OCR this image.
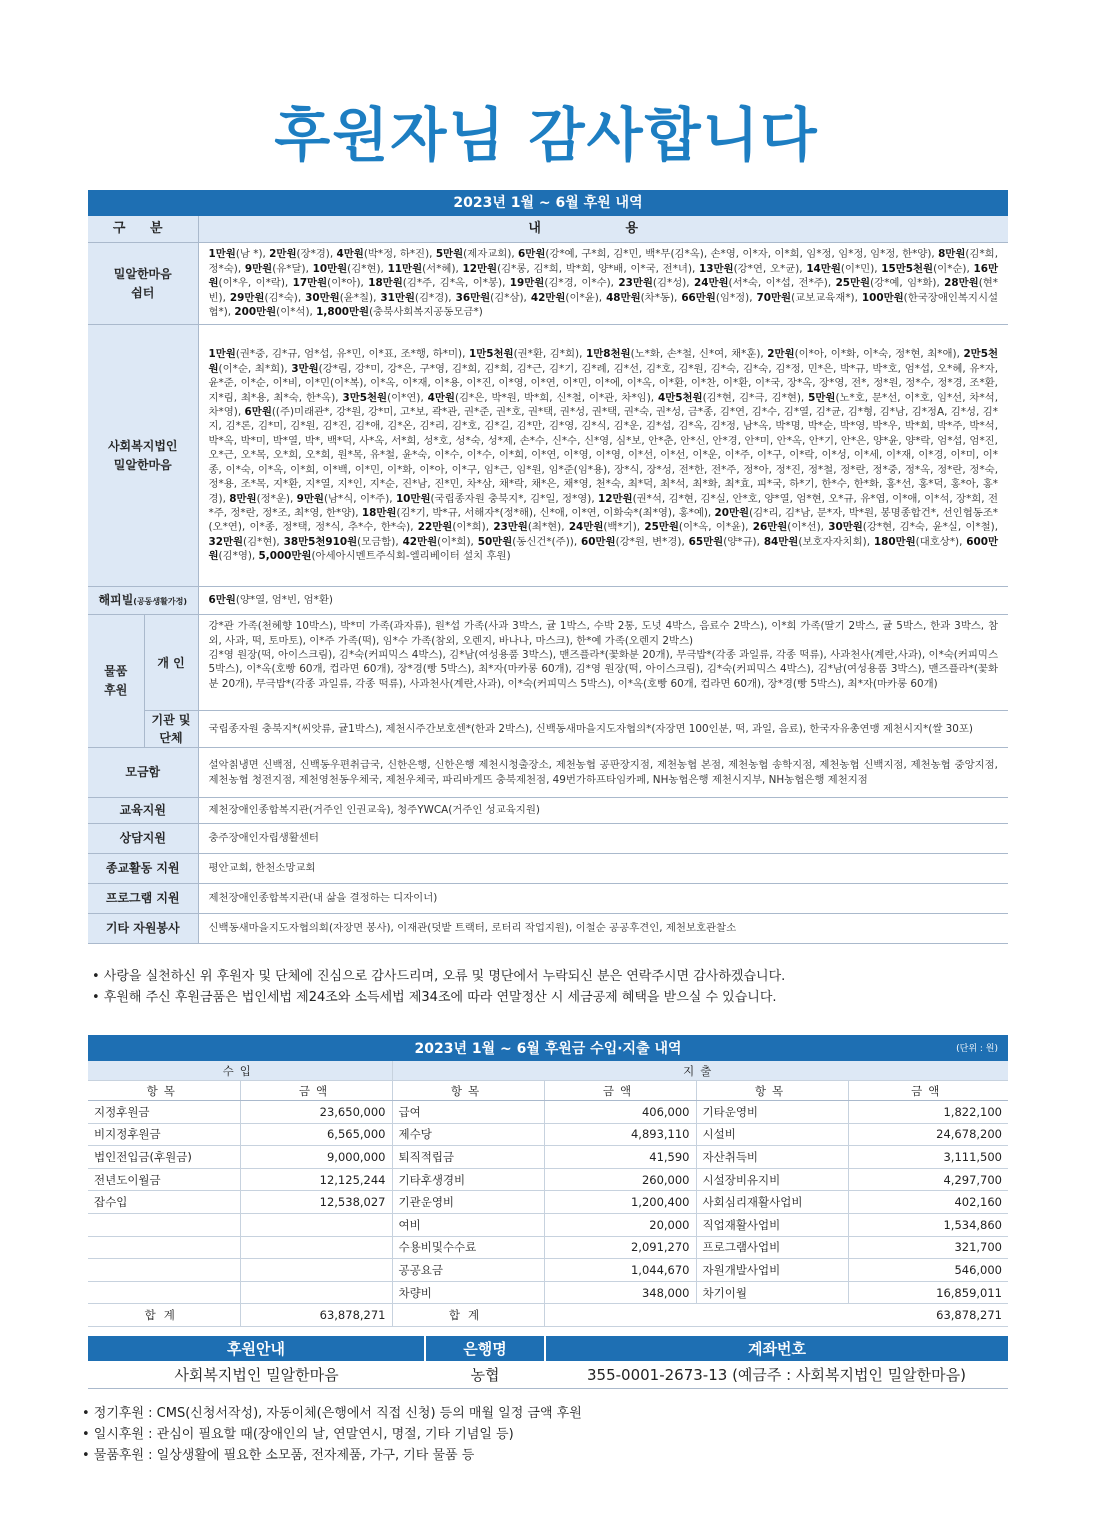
후원자님 감사합니다
2023년 1월 ~ 6월 후원 내역		
구 분		내 용
밀알한마음 쉼터		1만원(남 *), 2만원(장*경), 4만원(박*정, 하*진), 5만원(제자교회), 6만원(강*예, 구*희, 김*민, 백*무(김*옥), 손*영, 이*자, 이*희, 임*정, 임*정, 임*정, 한*양), 8만원(김*희, 정*숙), 9만원(유*달), 10만원(김*현), 11만원(서*혜), 12만원(김*롱, 김*희, 박*희, 양*배, 이*국, 전*녀), 13만원(강*연, 오*균), 14만원(이*민), 15만5천원(이*순), 16만원(이*우, 이*락), 17만원(이*아), 18만원(김*주, 김*옥, 이*봉), 19만원(김*경, 이*수), 23만원(김*성), 24만원(서*숙, 이*섭, 전*주), 25만원(강*예, 임*화), 28만원(현*빈), 29만원(김*숙), 30만원(윤*칠), 31만원(김*경), 36만원(김*삼), 42만원(이*윤), 48만원(차*동), 66만원(임*정), 70만원(교보교육재*), 100만원(한국장애인복지시설협*), 200만원(이*석), 1,800만원(충북사회복지공동모금*)
사회복지법인 밀알한마음		1만원(권*중, 김*규, 엄*섭, 유*민, 이*표, 조*행, 하*미), 1만5천원(권*환, 김*희), 1만8천원(노*화, 손*철, 신*여, 채*훈), 2만원(이*아, 이*화, 이*숙, 정*현, 최*애), 2만5천원(이*순, 최*희), 3만원(강*림, 강*미, 강*은, 구*영, 김*희, 김*희, 김*근, 김*기, 김*례, 김*선, 김*호, 김*원, 김*숙, 김*숙, 김*정, 민*은, 박*규, 박*호, 엄*섭, 오*혜, 유*자, 윤*준, 이*순, 이*비, 이*민(이*복), 이*옥, 이*재, 이*용, 이*진, 이*영, 이*연, 이*민, 이*에, 이*옥, 이*환, 이*찬, 이*환, 이*국, 장*옥, 장*영, 전*, 정*원, 정*수, 정*경, 조*환, 지*림, 최*용, 최*숙, 한*옥), 3만5천원(이*연), 4만원(김*은, 박*원, 박*희, 신*철, 이*관, 차*임), 4만5천원(김*현, 김*극, 김*현), 5만원(노*호, 문*선, 이*호, 임*선, 차*석, 차*영), 6만원((주)미래관*, 강*원, 강*미, 고*보, 곽*관, 권*준, 권*호, 권*택, 권*성, 권*택, 권*숙, 권*성, 금*종, 김*연, 김*수, 김*열, 김*균, 김*형, 김*남, 김*정A, 김*성, 김*지, 김*론, 김*미, 김*원, 김*진, 김*애, 김*온, 김*리, 김*호, 김*길, 김*만, 김*영, 김*식, 김*운, 김*섭, 김*옥, 김*정, 남*옥, 박*명, 박*순, 박*영, 박*우, 박*희, 박*주, 박*석, 박*옥, 박*미, 박*열, 박*, 백*덕, 사*옥, 서*희, 성*호, 성*숙, 성*제, 손*수, 신*수, 신*영, 심*보, 안*춘, 안*신, 안*경, 안*미, 안*옥, 안*기, 안*은, 양*윤, 양*락, 엄*섭, 엄*진, 오*근, 오*목, 오*희, 오*희, 원*목, 유*철, 윤*숙, 이*수, 이*수, 이*희, 이*연, 이*영, 이*영, 이*선, 이*선, 이*운, 이*주, 이*구, 이*락, 이*성, 이*세, 이*재, 이*경, 이*미, 이*종, 이*숙, 이*옥, 이*희, 이*백, 이*민, 이*화, 이*아, 이*구, 임*근, 임*원, 임*준(임*용), 장*식, 장*성, 전*한, 전*주, 정*아, 정*진, 정*철, 정*란, 정*중, 정*옥, 정*란, 정*숙, 정*용, 조*목, 지*환, 지*열, 지*인, 지*순, 진*남, 진*민, 차*삼, 채*락, 채*은, 채*영, 천*숙, 최*덕, 최*석, 최*화, 최*효, 피*국, 하*기, 한*수, 한*화, 홍*선, 홍*덕, 홍*아, 홍*경), 8만원(정*운), 9만원(남*식, 이*주), 10만원(국립종자원 충북지*, 김*일, 정*영), 12만원(권*석, 김*현, 김*실, 안*호, 양*열, 엄*현, 오*규, 유*엽, 이*애, 이*석, 장*희, 전*주, 정*란, 정*조, 최*영, 한*양), 18만원(김*기, 박*규, 서해자*(정*해), 신*애, 이*연, 이화숙*(최*영), 홍*예), 20만원(김*리, 김*남, 문*자, 박*원, 봉명종합건*, 선인협동조*(오*연), 이*종, 정*택, 정*식, 추*수, 한*숙), 22만원(이*희), 23만원(최*현), 24만원(백*기), 25만원(이*옥, 이*윤), 26만원(이*선), 30만원(강*현, 김*숙, 윤*실, 이*철), 32만원(김*현), 38만5천910원(모금함), 42만원(이*희), 50만원(동신건*(주)), 60만원(강*원, 변*경), 65만원(양*규), 84만원(보호자자치회), 180만원(대호상*), 600만원(김*영), 5,000만원(아세아시멘트주식회-엘리베이터 설치 후원)
해피빌(공동생활가정)		6만원(양*열, 엄*빈, 엄*환)
물품 후원	개 인	강*관 가족(천혜향 10박스), 박*미 가족(과자류), 원*섭 가족(사과 3박스, 귤 1박스, 수박 2통, 도넛 4박스, 음료수 2박스), 이*희 가족(딸기 2박스, 귤 5박스, 한과 3박스, 참외, 사과, 떡, 토마토), 이*주 가족(떡), 임*수 가족(참외, 오렌지, 바나나, 마스크), 한*예 가족(오렌지 2박스)
김*영 원장(떡, 아이스크림), 김*숙(커피믹스 4박스), 김*남(여성용품 3박스), 맨즈플라*(꽃화분 20개), 무극밥*(각종 과일류, 각종 떡류), 사과천사(계란,사과), 이*숙(커피믹스 5박스), 이*옥(호빵 60개, 컵라면 60개), 장*경(빵 5박스), 최*자(마카롱 60개), 김*영 원장(떡, 아이스크림), 김*숙(커피믹스 4박스), 김*남(여성용품 3박스), 맨즈플라*(꽃화분 20개), 무극밥*(각종 과일류, 각종 떡류), 사과천사(계란,사과), 이*숙(커피믹스 5박스), 이*옥(호빵 60개, 컵라면 60개), 장*경(빵 5박스), 최*자(마카롱 60개)

	기관 및 단체	국립종자원 충북지*(씨앗류, 귤1박스), 제천시주간보호센*(한과 2박스), 신백동새마을지도자협의*(자장면 100인분, 떡, 과일, 음료), 한국자유총연맹 제천시지*(쌀 30포)
모금함		설악칡냉면 신백점, 신백동우편취급국, 신한은행, 신한은행 제천시청출장소, 제천농협 공판장지점, 제천농협 본점, 제천농협 송학지점, 제천농협 신백지점, 제천농협 중앙지점, 제천농협 청전지점, 제천영천동우체국, 제천우체국, 파리바게뜨 충북제천점, 49번가하프타임카페, NH농협은행 제천시지부, NH농협은행 제천지점
교육지원		제천장애인종합복지관(거주인 인권교육), 청주YWCA(거주인 성교육지원)
상담지원		충주장애인자립생활센터
종교활동 지원		평안교회, 한천소망교회
프로그램 지원		제천장애인종합복지관(내 삶을 결정하는 디자이너)
기타 자원봉사		신백동새마을지도자협의회(자장면 봉사), 이재관(덧밭 트랙터, 로터리 작업지원), 이철순 공공후견인, 제천보호관찰소
• 사랑을 실천하신 위 후원자 및 단체에 진심으로 감사드리며, 오류 및 명단에서 누락되신 분은 연락주시면 감사하겠습니다.
• 후원해 주신 후원금품은 법인세법 제24조와 소득세법 제34조에 따라 연말정산 시 세금공제 혜택을 받으실 수 있습니다.
2023년 1월 ~ 6월 후원금 수입·지출 내역 (단위 : 원)					

수입		지출			
항목	금액	항목	금액	항목	금액
지정후원금	23,650,000	급여	406,000	기타운영비	1,822,100
비지정후원금	6,565,000	제수당	4,893,110	시설비	24,678,200
법인전입금(후원금)	9,000,000	퇴직적립금	41,590	자산취득비	3,111,500
전년도이월금	12,125,244	기타후생경비	260,000	시설장비유지비	4,297,700
잡수입	12,538,027	기관운영비	1,200,400	사회심리재활사업비	402,160
		여비	20,000	직업재활사업비	1,534,860
		수용비및수수료	2,091,270	프로그램사업비	321,700
		공공요금	1,044,670	자원개발사업비	546,000
		차량비	348,000	차기이월	16,859,011
합계	63,878,271	합계	63,878,271		
후원안내	은행명	계좌번호
사회복지법인 밀알한마음	농협	355-0001-2673-13 (예금주 : 사회복지법인 밀알한마음)
• 정기후원 : CMS(신청서작성), 자동이체(은행에서 직접 신청) 등의 매월 일정 금액 후원
• 일시후원 : 관심이 필요할 때(장애인의 날, 연말연시, 명절, 기타 기념일 등)
• 물품후원 : 일상생활에 필요한 소모품, 전자제품, 가구, 기타 물품 등
